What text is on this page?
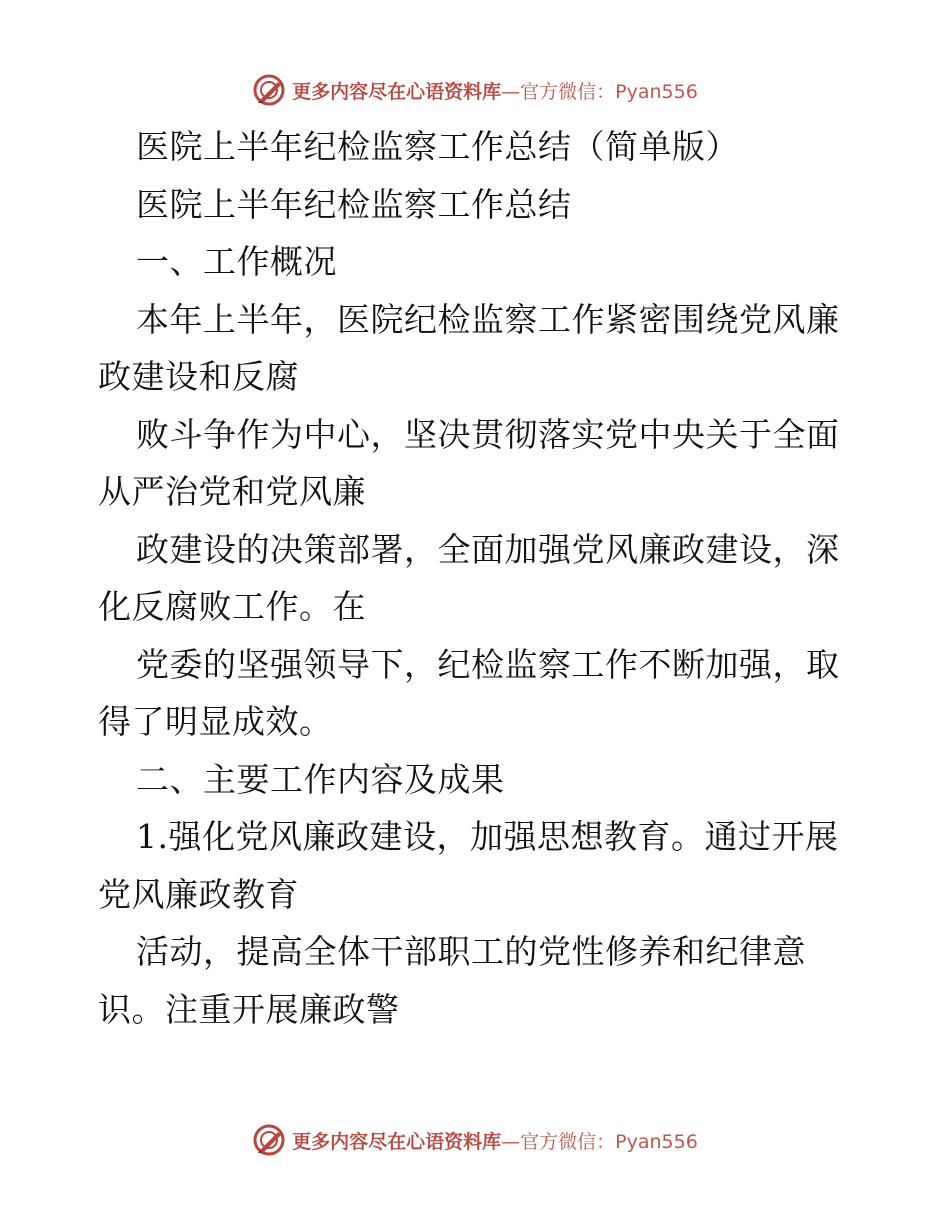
更多内容尽在心语资料库—官方微信：Pyan556
医院上半年纪检监察工作总结（简单版）
医院上半年纪检监察工作总结
一、工作概况
本年上半年，医院纪检监察工作紧密围绕党风廉
政建设和反腐
败斗争作为中心，坚决贯彻落实党中央关于全面
从严治党和党风廉
政建设的决策部署，全面加强党风廉政建设，深
化反腐败工作。在
党委的坚强领导下，纪检监察工作不断加强，取
得了明显成效。
二、主要工作内容及成果
1.强化党风廉政建设，加强思想教育。通过开展
党风廉政教育
活动，提高全体干部职工的党性修养和纪律意
识。注重开展廉政警
更多内容尽在心语资料库—官方微信：Pyan556
